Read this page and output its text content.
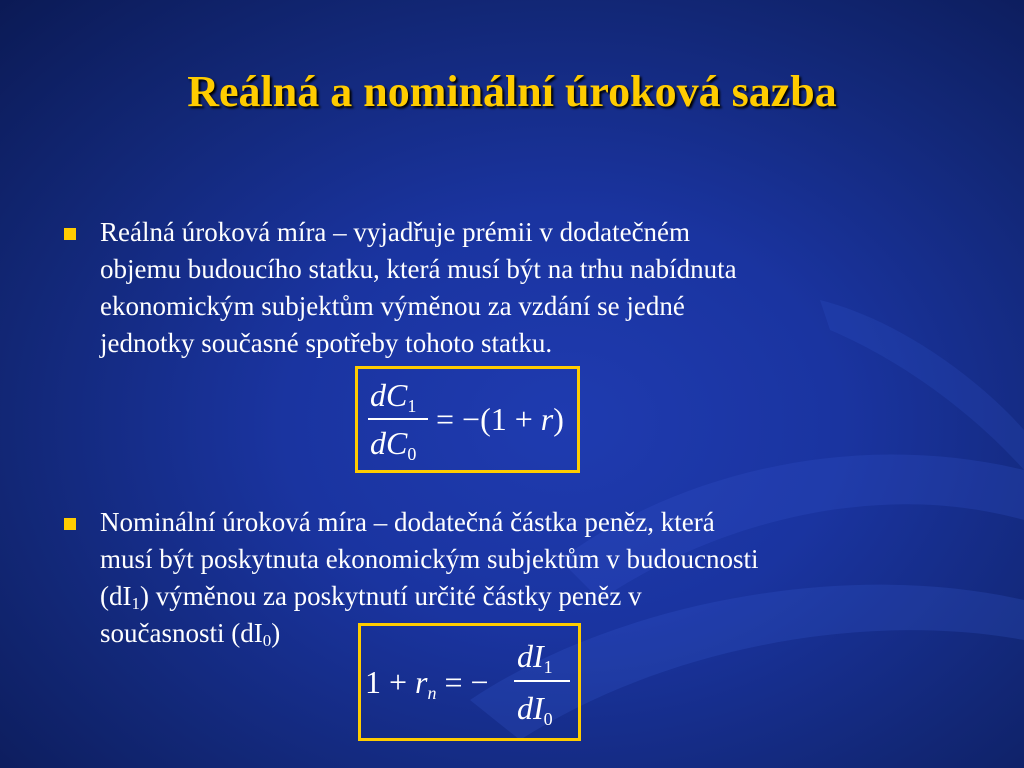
Reálná a nominální úroková sazba
Reálná úroková míra – vyjadřuje prémii v dodatečném
objemu budoucího statku, která musí být na trhu nabídnuta
ekonomickým subjektům výměnou za vzdání se jedné
jednotky současné spotřeby tohoto statku.
$dC_1$
$dC_0$
= −(1 + r)
Nominální úroková míra – dodatečná částka peněz, která
musí být poskytnuta ekonomickým subjektům v budoucnosti
$(dI_1)$ výměnou za poskytnutí určité částky peněz v
současnosti $(dI_0)$
$1 + r_n$ = −
$dI_1$
$dI_0$
